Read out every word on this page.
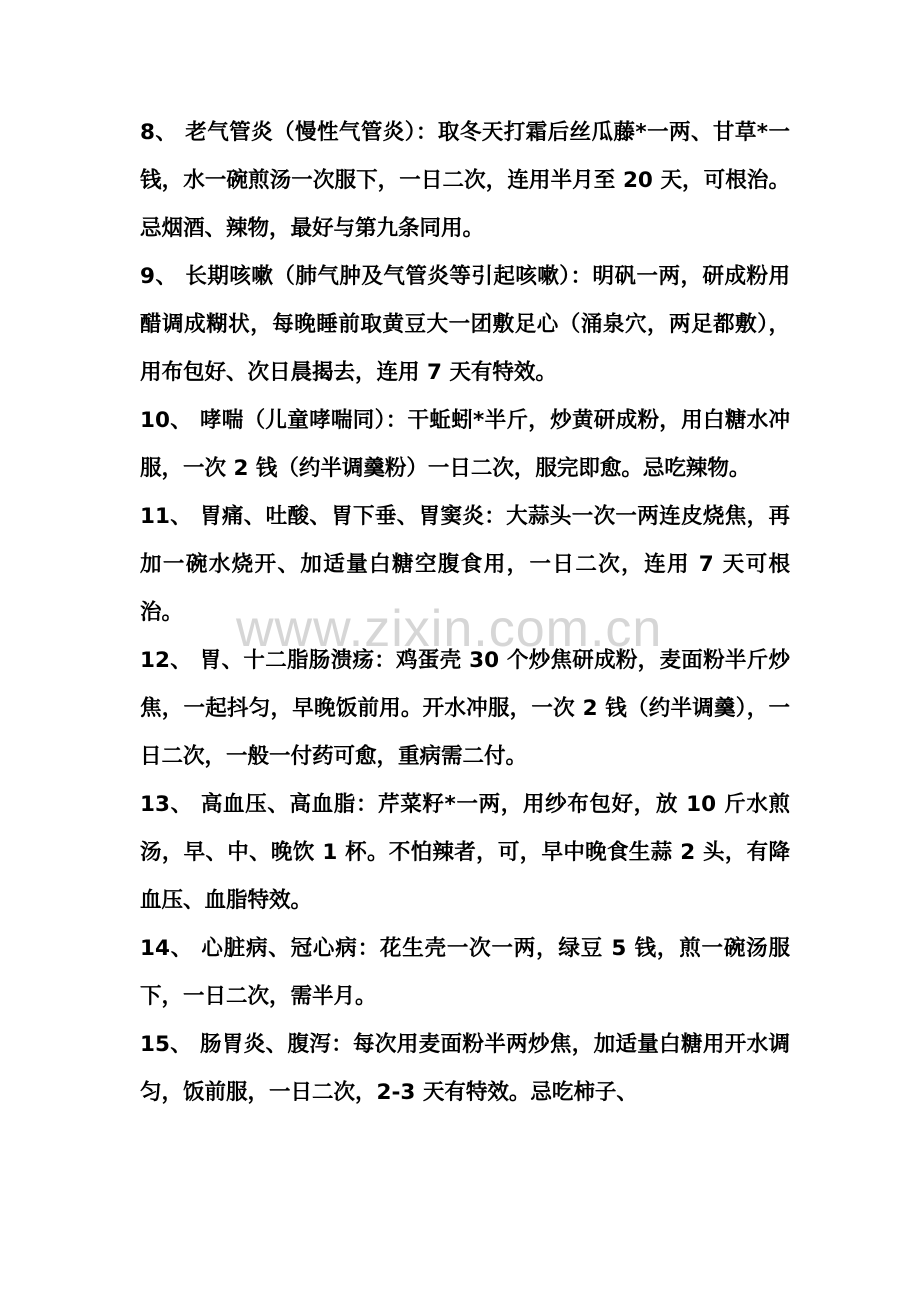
8、 老气管炎（慢性气管炎）：取冬天打霜后丝瓜藤*一两、甘草*一钱，水一碗煎汤一次服下，一日二次，连用半月至 20 天，可根治。忌烟酒、辣物，最好与第九条同用。

9、 长期咳嗽（肺气肿及气管炎等引起咳嗽）：明矾一两，研成粉用醋调成糊状，每晚睡前取黄豆大一团敷足心（涌泉穴，两足都敷），用布包好、次日晨揭去，连用 7 天有特效。

10、 哮喘（儿童哮喘同）：干蚯蚓*半斤，炒黄研成粉，用白糖水冲服，一次 2 钱（约半调羹粉）一日二次，服完即愈。忌吃辣物。

11、 胃痛、吐酸、胃下垂、胃窦炎：大蒜头一次一两连皮烧焦，再加一碗水烧开、加适量白糖空腹食用，一日二次，连用 7 天可根治。

12、 胃、十二脂肠溃疡：鸡蛋壳 30 个炒焦研成粉，麦面粉半斤炒焦，一起抖匀，早晚饭前用。开水冲服，一次 2 钱（约半调羹），一日二次，一般一付药可愈，重病需二付。

13、 高血压、高血脂：芹菜籽*一两，用纱布包好，放 10 斤水煎汤，早、中、晚饮 1 杯。不怕辣者，可，早中晚食生蒜 2 头，有降血压、血脂特效。

14、 心脏病、冠心病：花生壳一次一两，绿豆 5 钱，煎一碗汤服下，一日二次，需半月。

15、 肠胃炎、腹泻：每次用麦面粉半两炒焦，加适量白糖用开水调匀，饭前服，一日二次，2-3 天有特效。忌吃柿子、

www.zixin.com.cn
